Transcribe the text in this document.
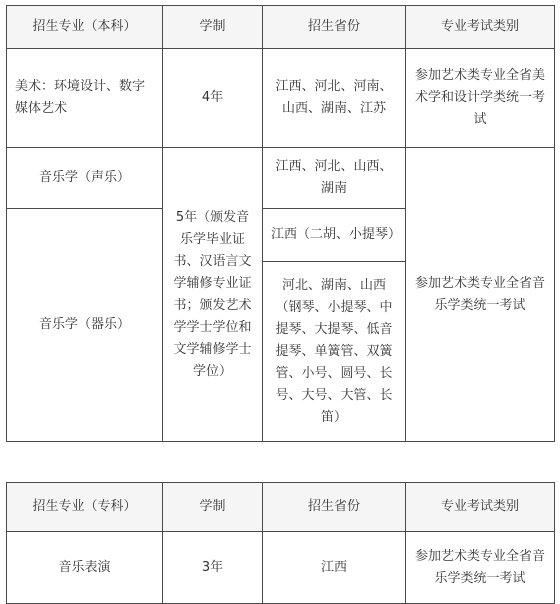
招生专业（本科）	学制	招生省份	专业考试类别
美术：环境设计、数字媒体艺术	4年	江西、河北、河南、山西、湖南、江苏	参加艺术类专业全省美术学和设计学类统一考试
音乐学（声乐）	5年（颁发音乐学毕业证书、汉语言文学辅修专业证书；颁发艺术学学士学位和文学辅修学士学位）	江西、河北、山西、湖南	参加艺术类专业全省音乐学类统一考试
音乐学（器乐）		江西（二胡、小提琴）	
		河北、湖南、山西（钢琴、小提琴、中提琴、大提琴、低音提琴、单簧管、双簧管、小号、圆号、长号、大号、大管、长笛）	
招生专业（专科）	学制	招生省份	专业考试类别
音乐表演	3年	江西	参加艺术类专业全省音乐学类统一考试
